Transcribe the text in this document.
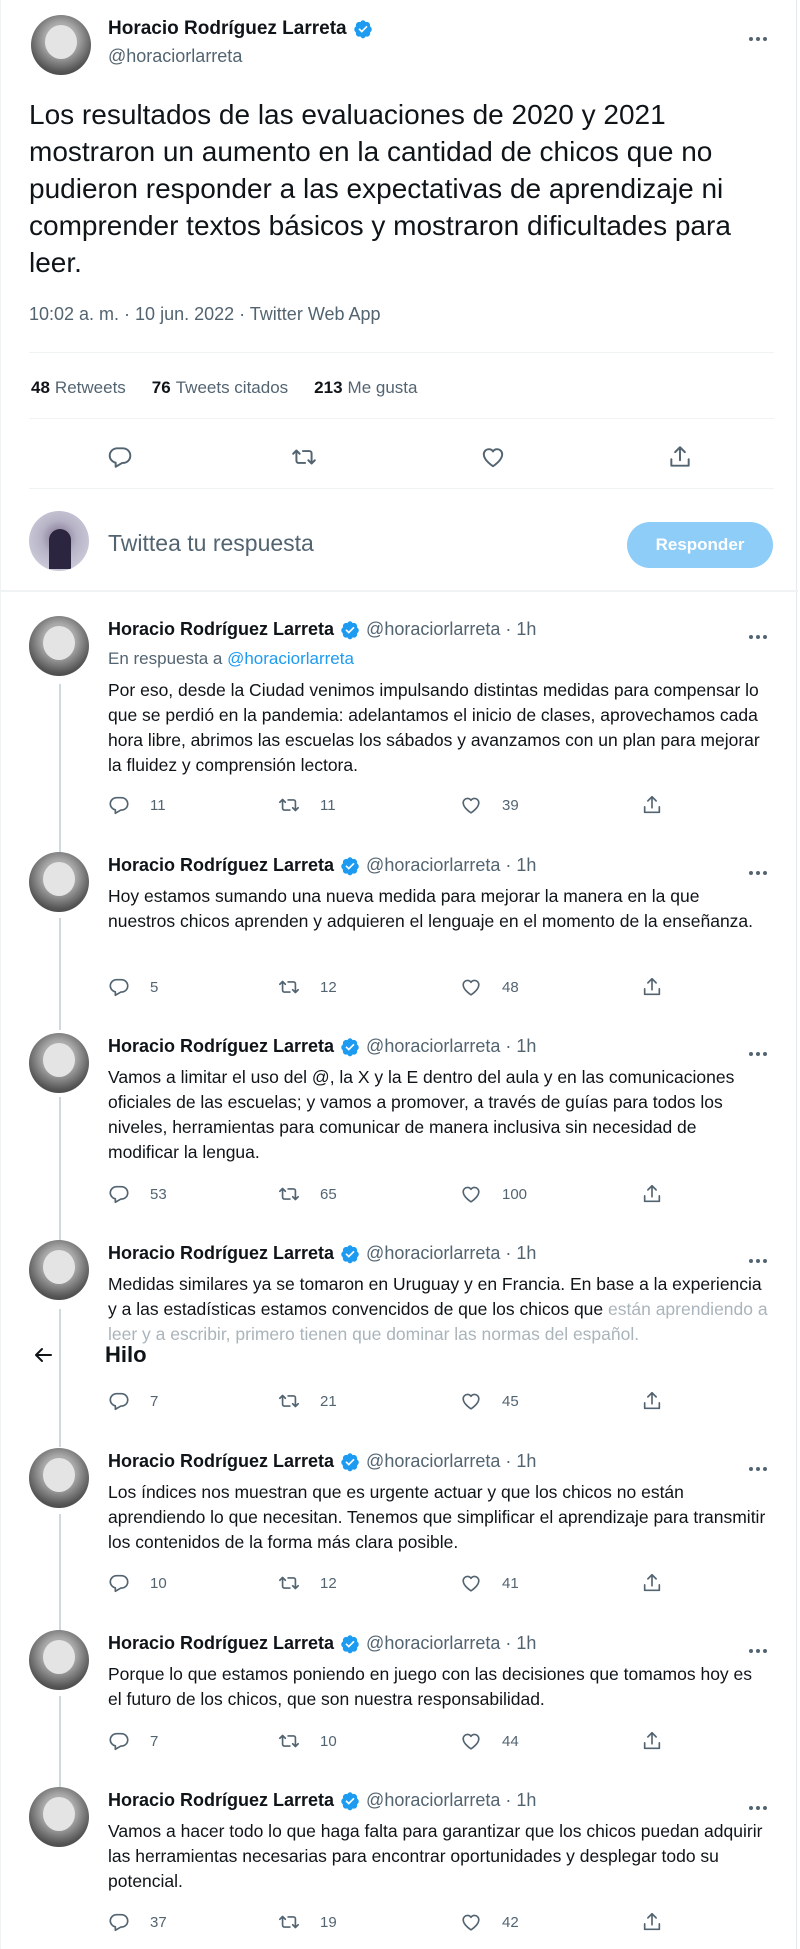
Horacio Rodríguez Larreta
@horaciorlarreta
Los resultados de las evaluaciones de 2020 y 2021 mostraron un aumento en la cantidad de chicos que no pudieron responder a las expectativas de aprendizaje ni comprender textos básicos y mostraron dificultades para leer.
10:02 a. m. · 10 jun. 2022 · Twitter Web App
48 Retweets 76 Tweets citados 213 Me gusta
Twittea tu respuesta	Responder
Horacio Rodríguez Larreta @horaciorlarreta · 1h
En respuesta a @horaciorlarreta
Por eso, desde la Ciudad venimos impulsando distintas medidas para compensar lo que se perdió en la pandemia: adelantamos el inicio de clases, aprovechamos cada hora libre, abrimos las escuelas los sábados y avanzamos con un plan para mejorar la fluidez y comprensión lectora.
11	11	39
Horacio Rodríguez Larreta @horaciorlarreta · 1h
Hoy estamos sumando una nueva medida para mejorar la manera en la que nuestros chicos aprenden y adquieren el lenguaje en el momento de la enseñanza.
5	12	48
Horacio Rodríguez Larreta @horaciorlarreta · 1h
Vamos a limitar el uso del @, la X y la E dentro del aula y en las comunicaciones oficiales de las escuelas; y vamos a promover, a través de guías para todos los niveles, herramientas para comunicar de manera inclusiva sin necesidad de modificar la lengua.
53	65	100
Horacio Rodríguez Larreta @horaciorlarreta · 1h
Medidas similares ya se tomaron en Uruguay y en Francia. En base a la experiencia y a las estadísticas estamos convencidos de que los chicos que están aprendiendo a leer y a escribir, primero tienen que dominar las normas del español.
7	21	45
Hilo
Horacio Rodríguez Larreta @horaciorlarreta · 1h
Los índices nos muestran que es urgente actuar y que los chicos no están aprendiendo lo que necesitan. Tenemos que simplificar el aprendizaje para transmitir los contenidos de la forma más clara posible.
10	12	41
Horacio Rodríguez Larreta @horaciorlarreta · 1h
Porque lo que estamos poniendo en juego con las decisiones que tomamos hoy es el futuro de los chicos, que son nuestra responsabilidad.
7	10	44
Horacio Rodríguez Larreta @horaciorlarreta · 1h
Vamos a hacer todo lo que haga falta para garantizar que los chicos puedan adquirir las herramientas necesarias para encontrar oportunidades y desplegar todo su potencial.
37	19	42
